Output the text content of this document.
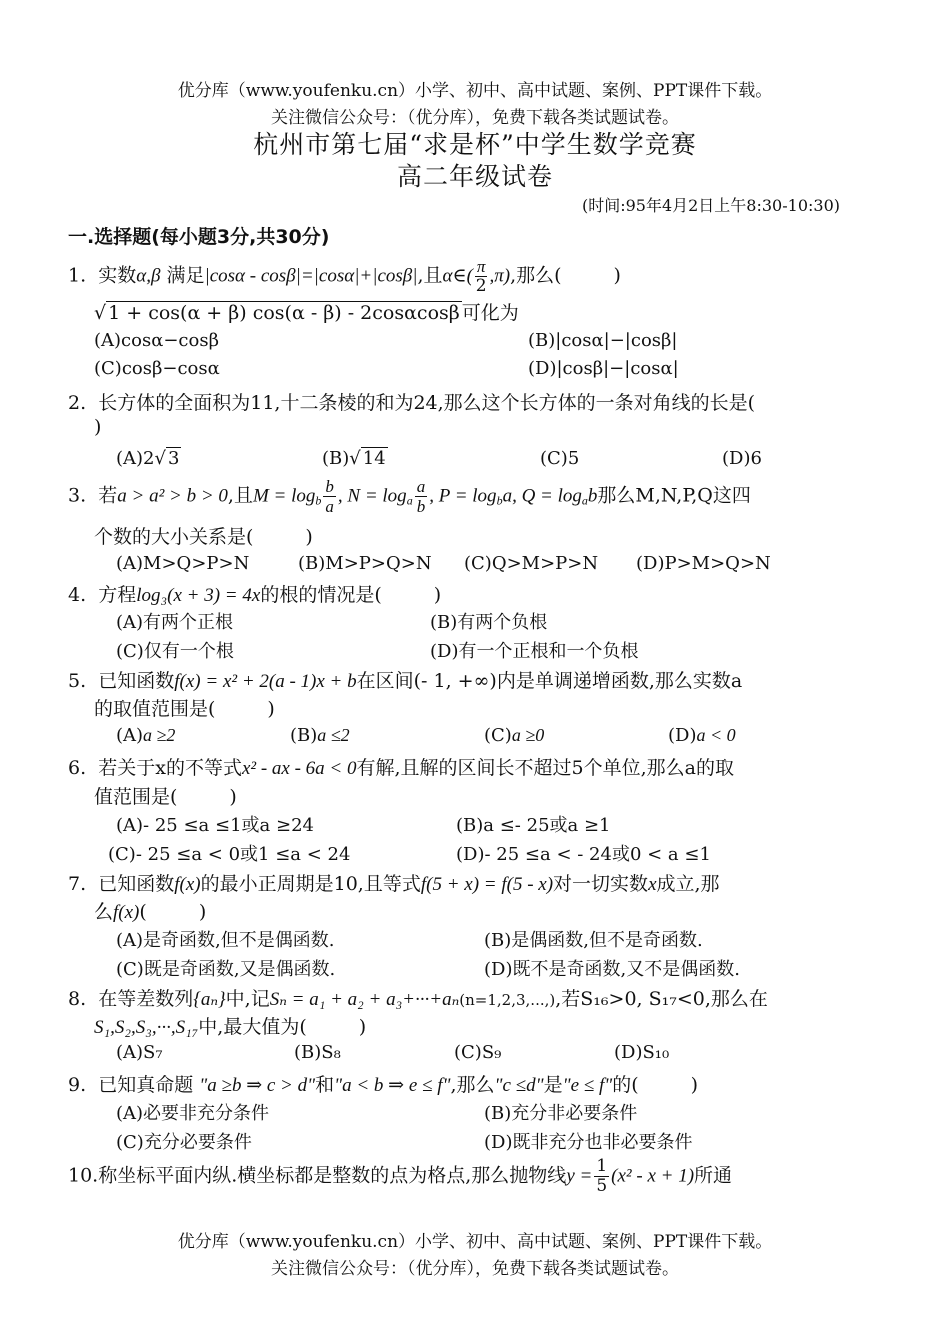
优分库（www.youfenku.cn）小学、初中、高中试题、案例、PPT课件下载。
关注微信公众号：（优分库），免费下载各类试题试卷。
杭州市第七届“求是杯”中学生数学竞赛
高二年级试卷
(时间:95年4月2日上午8:30-10:30)
一.选择题(每小题3分,共30分)
1. 实数α,β 满足|cosα - cosβ|=|cosα|+|cosβ|,且α∈( $\frac{\pi}{2} ,\pi$),那么(	)
√ 1 + cos(α + β) cos(α - β) - 2cosαcosβ 可化为
(A)cosα−cosβ	(B)|cosα|−|cosβ|
(C)cosβ−cosα	(D)|cosβ|−|cosα|
2. 长方体的全面积为11,十二条棱的和为24,那么这个长方体的一条对角线的长是(
)
(A)2√ 3	(B)√ 14	(C)5	(D)6
3. 若a > a² > b > 0,且$M = \log_b \frac{b}{a}$ , $N = \log_a \frac{a}{b}$ , $P = \log_ba$, $Q = \log_ab$那么M,N,P,Q这四
个数的大小关系是(	)
(A)M>Q>P>N	(B)M>P>Q>N (C)Q>M>P>N (D)P>M>Q>N
4. 方程log₃(x + 3) = 4x的根的情况是(	)
(A)有两个正根	(B)有两个负根
(C)仅有一个根	(D)有一个正根和一个负根
5. 已知函数f(x) = x² + 2(a - 1)x + b在区间(- 1, +∞)内是单调递增函数,那么实数a
的取值范围是(	)
(A)a ≥2	(B)a ≤2	(C)a ≥0	(D)a < 0
6. 若关于x的不等式x² - ax - 6a < 0有解,且解的区间长不超过5个单位,那么a的取
值范围是(	)
(A)- 25 ≤a ≤1或a ≥24	(B)a ≤- 25或a ≥1
(C)- 25 ≤a < 0或1 ≤a < 24	(D)- 25 ≤a < - 24或0 < a ≤1
7. 已知函数f(x)的最小正周期是10,且等式f(5 + x) = f(5 - x)对一切实数x成立,那
么f(x)(	)
(A)是奇函数,但不是偶函数.	(B)是偶函数,但不是奇函数.
(C)既是奇函数,又是偶函数.	(D)既不是奇函数,又不是偶函数.
8. 在等差数列{aₙ}中,记Sₙ = a₁ + a₂ + a₃+···+aₙ(n=1,2,3,...,),若S₁₆>0, S₁₇<0,那么在
S₁,S₂,S₃,···,S₁₇中,最大值为(	)
(A)S₇	(B)S₈	(C)S₉	(D)S₁₀
9. 已知真命题 "a ≥b ⇒ c > d"和"a < b ⇒ e ≤ f",那么"c ≤d"是"e ≤ f"的(	)
(A)必要非充分条件	(B)充分非必要条件
(C)充分必要条件	(D)既非充分也非必要条件
10.称坐标平面内纵.横坐标都是整数的点为格点,那么抛物线$y = \frac{1}{5} (x^2 - x + 1)$所通
优分库（www.youfenku.cn）小学、初中、高中试题、案例、PPT课件下载。
关注微信公众号：（优分库），免费下载各类试题试卷。
